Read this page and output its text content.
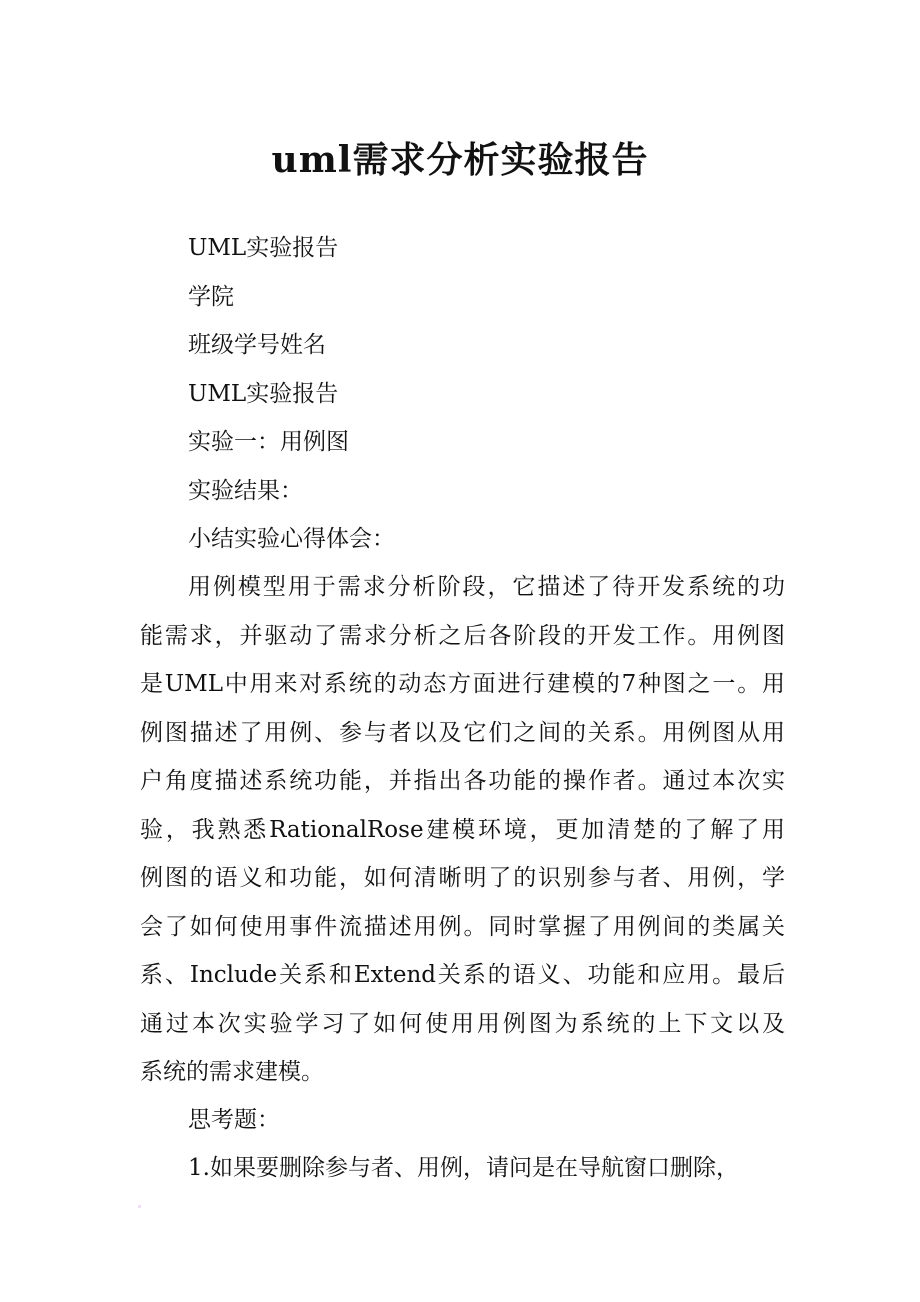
uml需求分析实验报告
UML实验报告
学院
班级学号姓名
UML实验报告
实验一：用例图
实验结果：
小结实验心得体会：
用例模型用于需求分析阶段，它描述了待开发系统的功
能需求，并驱动了需求分析之后各阶段的开发工作。用例图
是UML中用来对系统的动态方面进行建模的7种图之一。用
例图描述了用例、参与者以及它们之间的关系。用例图从用
户角度描述系统功能，并指出各功能的操作者。通过本次实
验，我熟悉RationalRose建模环境，更加清楚的了解了用
例图的语义和功能，如何清晰明了的识别参与者、用例，学
会了如何使用事件流描述用例。同时掌握了用例间的类属关
系、Include关系和Extend关系的语义、功能和应用。最后
通过本次实验学习了如何使用用例图为系统的上下文以及
系统的需求建模。
思考题：
1.如果要删除参与者、用例，请问是在导航窗口删除，
